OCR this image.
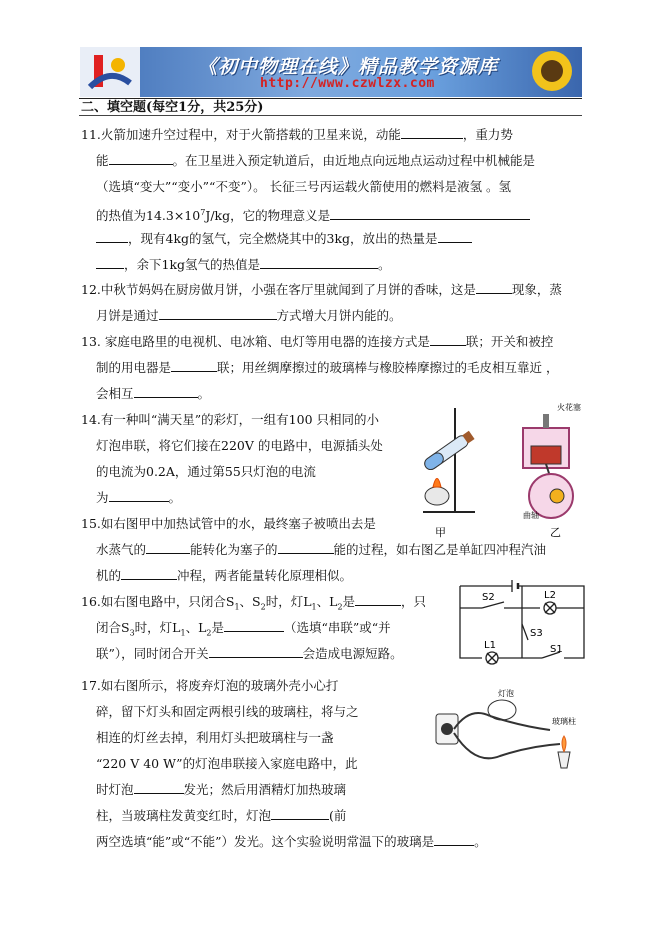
《初中物理在线》精品教学资源库
http://www.czwlzx.com
二、填空题(每空1分，共25分)
11.火箭加速升空过程中，对于火箭搭载的卫星来说，动能	，重力势
能	。在卫星进入预定轨道后，由近地点向远地点运动过程中机械能是
（选填“变大”“变小”“不变”）。 长征三号丙运载火箭使用的燃料是液氢 。氢
的热值为$14.3\times 10^7J/kg$，它的物理意义是
，现有4kg的氢气，完全燃烧其中的3kg，放出的热量是
，余下1kg氢气的热值是	。
12.中秋节妈妈在厨房做月饼，小强在客厅里就闻到了月饼的香味，这是	现象，蒸
月饼是通过	方式增大月饼内能的。
13. 家庭电路里的电视机、电冰箱、电灯等用电器的连接方式是	联；开关和被控
制的用电器是	联；用丝绸摩擦过的玻璃棒与橡胶棒摩擦过的毛皮相互靠近 ，
会相互	。
14.有一种叫“满天星”的彩灯，一组有100 只相同的小
灯泡串联，将它们接在220V 的电路中，电源插头处
的电流为0.2A，通过第55只灯泡的电流
为	。
甲
火花塞
曲轴
乙
15.如右图甲中加热试管中的水，最终塞子被喷出去是
水蒸气的	能转化为塞子的	能的过程，如右图乙是单缸四冲程汽油
机的	冲程，两者能量转化原理相似。
16.如右图电路中，只闭合$S_1$、$S_2$时，灯$L_1$、$L_2$是	，只
闭合$S_3$时，灯$L_1$、$L_2$是	（选填“串联”或“并
联”），同时闭合开关	会造成电源短路。
S2	L2
S3
L1	S1
17.如右图所示，将废弃灯泡的玻璃外壳小心打
碎，留下灯头和固定两根引线的玻璃柱，将与之
相连的灯丝去掉，利用灯头把玻璃柱与一盏
“220 V 40 W”的灯泡串联接入家庭电路中，此
时灯泡	发光；然后用酒精灯加热玻璃
柱，当玻璃柱发黄变红时，灯泡	(前
两空选填“能”或“不能”）发光。这个实验说明常温下的玻璃是	。
灯泡
玻璃柱
